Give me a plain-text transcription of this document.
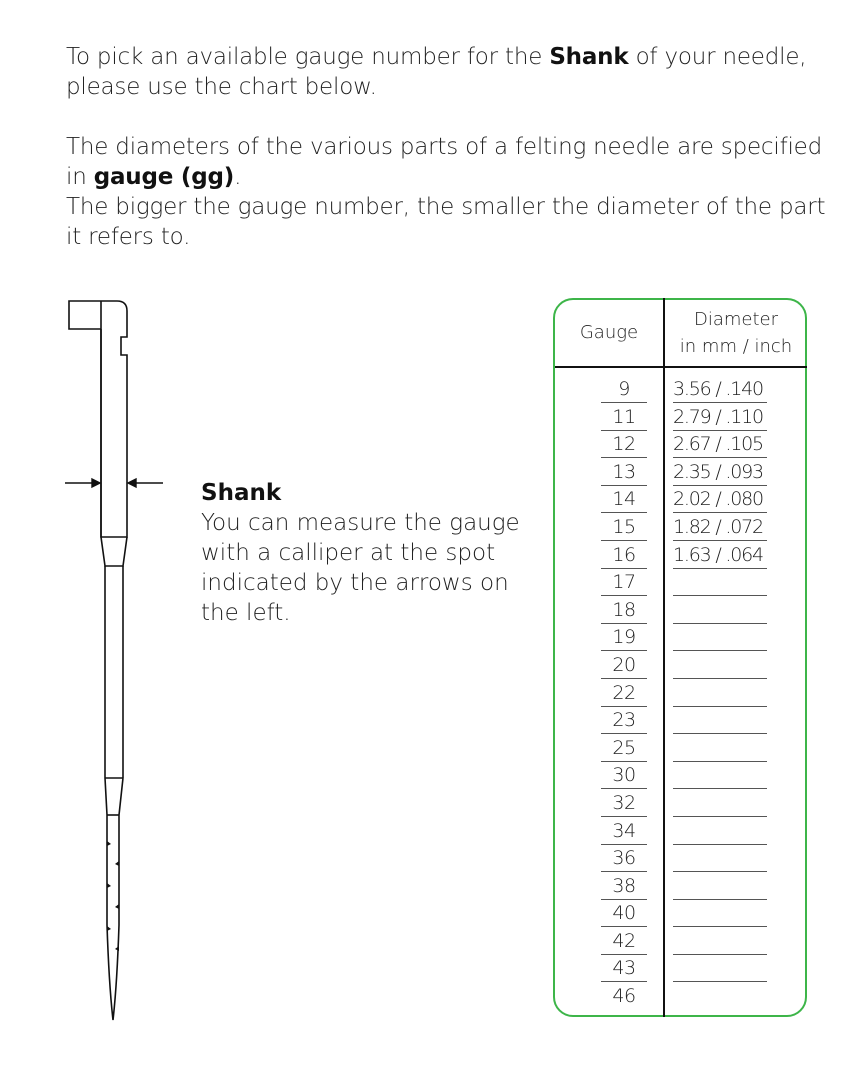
To pick an available gauge number for the Shank of your needle, please use the chart below.

The diameters of the various parts of a felting needle are specified in gauge (gg).
The bigger the gauge number, the smaller the diameter of the part it refers to.

Shank
You can measure the gauge with a calliper at the spot indicated by the arrows on the left.
Gauge
Diameter
in mm / inch
9	3.56 / .140
11	2.79 / .110
12	2.67 / .105
13	2.35 / .093
14	2.02 / .080
15	1.82 / .072
16	1.63 / .064
17
18
19
20
22
23
25
30
32
34
36
38
40
42
43
46
